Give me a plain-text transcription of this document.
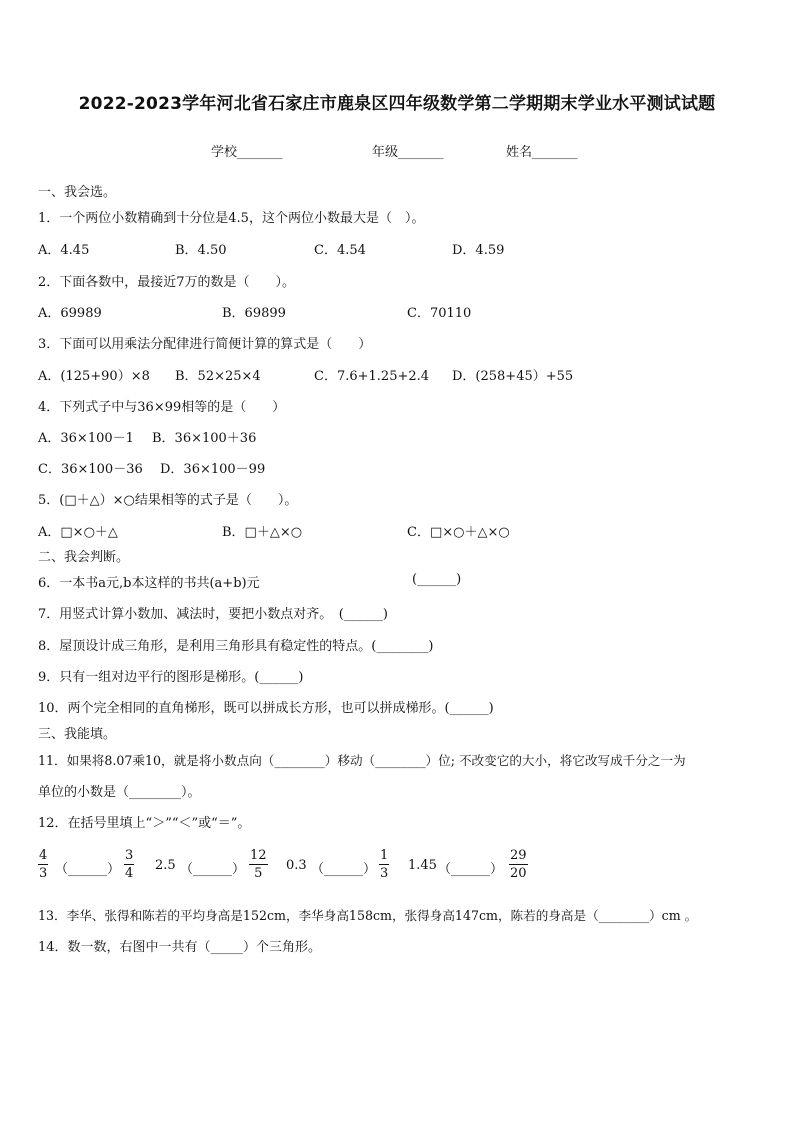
2022-2023学年河北省石家庄市鹿泉区四年级数学第二学期期末学业水平测试试题
学校_______	年级_______	姓名_______
一、我会选。
1．一个两位小数精确到十分位是4.5，这个两位小数最大是（　）。
A．4.45	B．4.50	C．4.54	D．4.59
2．下面各数中，最接近7万的数是（　　）。
A．69989	B．69899	C．70110
3．下面可以用乘法分配律进行简便计算的算式是（　　）
A．(125+90）×8 B．52×25×4	C．7.6+1.25+2.4 D．(258+45）+55
4．下列式子中与36×99相等的是（　　）
A．36×100－1 B．36×100＋36
C．36×100－36 D．36×100－99
5．(□＋△）×○结果相等的式子是（　　）。
A．□×○＋△	B．□＋△×○	C．□×○＋△×○
二、我会判断。
6．一本书a元,b本这样的书共(a+b)元	(______)
7．用竖式计算小数加、减法时，要把小数点对齐。　(______)
8．屋顶设计成三角形，是利用三角形具有稳定性的特点。(________)
9．只有一组对边平行的图形是梯形。(______)
10．两个完全相同的直角梯形，既可以拼成长方形，也可以拼成梯形。(______)
三、我能填。
11．如果将8.07乘10，就是将小数点向（________）移动（________）位; 不改变它的大小，将它改写成千分之一为
单位的小数是（________）。
12．在括号里填上“＞”“＜”或“＝”。
4
3 （______）
3
4
2.5 （______）
12
5
0.3 （______）
1
3
1.45 （______）
29
20
13．李华、张得和陈若的平均身高是152cm，李华身高158cm，张得身高147cm，陈若的身高是（________）cm 。
14．数一数，右图中一共有（_____）个三角形。
